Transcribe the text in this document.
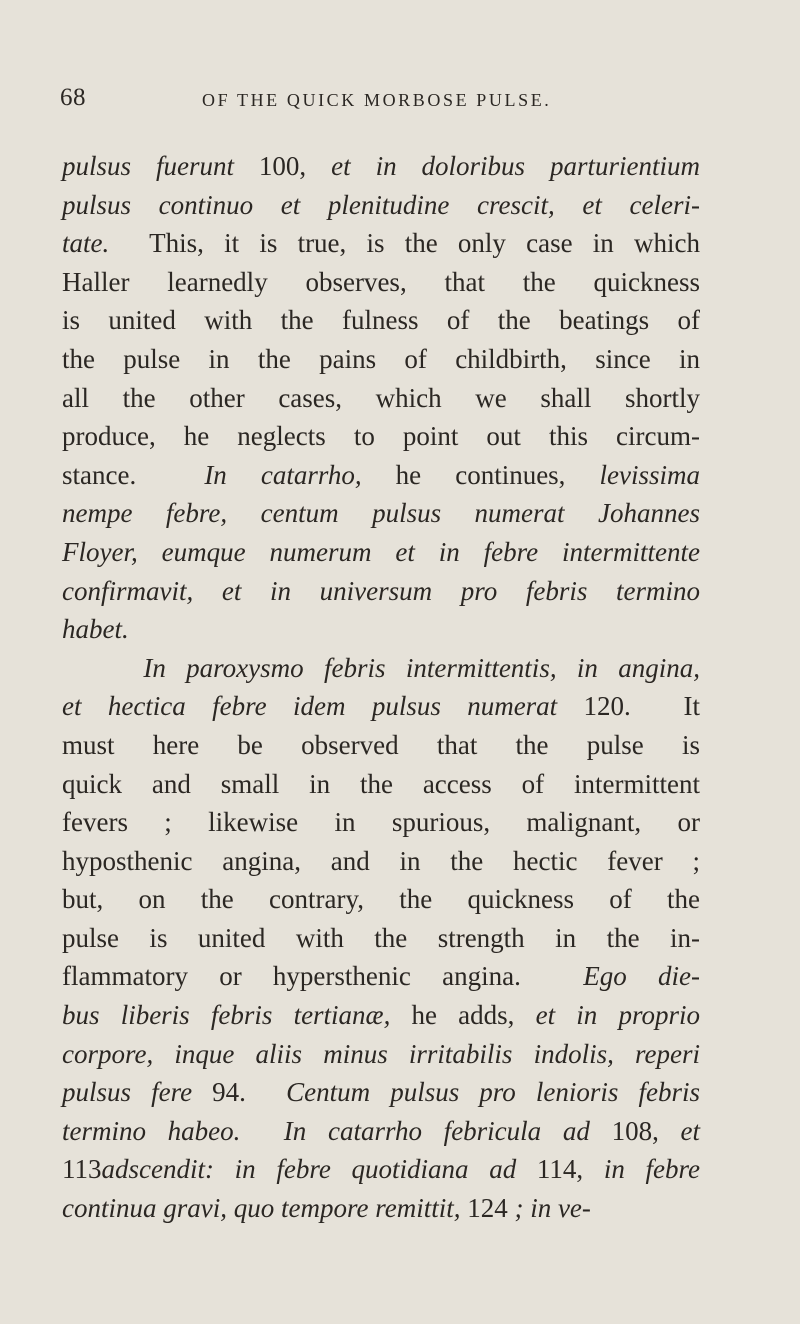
68	OF THE QUICK MORBOSE PULSE.
pulsus fuerunt 100, et in doloribus parturientium
pulsus continuo et plenitudine crescit, et celeri-
tate.  This, it is true, is the only case in which
Haller learnedly observes, that the quickness
is united with the fulness of the beatings of
the pulse in the pains of childbirth, since in
all the other cases, which we shall shortly
produce, he neglects to point out this circum-
stance.  In catarrho, he continues, levissima
nempe febre, centum pulsus numerat Johannes
Floyer, eumque numerum et in febre intermittente
confirmavit, et in universum pro febris termino
habet.
In paroxysmo febris intermittentis, in angina,
et hectica febre idem pulsus numerat 120.  It
must here be observed that the pulse is
quick and small in the access of intermittent
fevers ; likewise in spurious, malignant, or
hyposthenic angina, and in the hectic fever ;
but, on the contrary, the quickness of the
pulse is united with the strength in the in-
flammatory or hypersthenic angina.  Ego die-
bus liberis febris tertianæ, he adds, et in proprio
corpore, inque aliis minus irritabilis indolis, reperi
pulsus fere 94.  Centum pulsus pro lenioris febris
termino habeo.  In catarrho febricula ad 108, et
113adscendit: in febre quotidiana ad 114, in febre
continua gravi, quo tempore remittit, 124 ; in ve-
